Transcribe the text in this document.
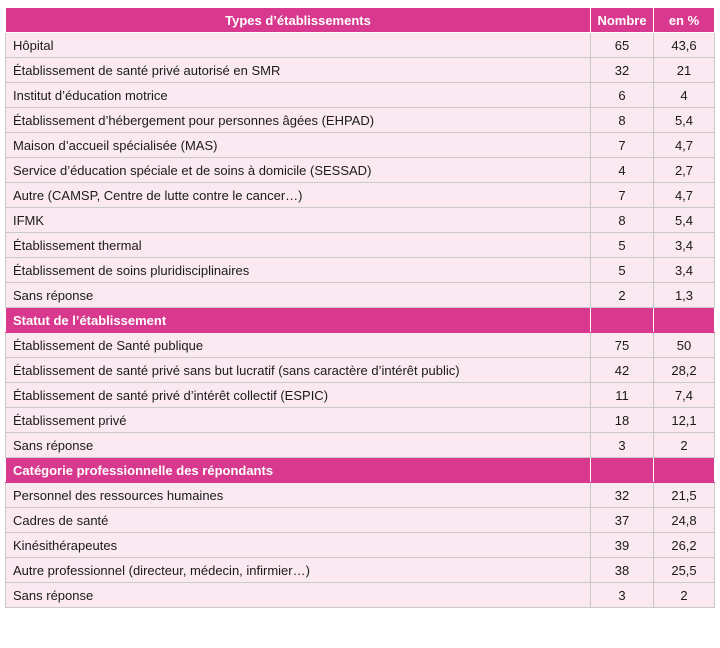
Types d’établissements	Nombre	en %
Hôpital	65	43,6
Établissement de santé privé autorisé en SMR	32	21
Institut d’éducation motrice	6	4
Établissement d’hébergement pour personnes âgées (EHPAD)	8	5,4
Maison d’accueil spécialisée (MAS)	7	4,7
Service d’éducation spéciale et de soins à domicile (SESSAD)	4	2,7
Autre (CAMSP, Centre de lutte contre le cancer…)	7	4,7
IFMK	8	5,4
Établissement thermal	5	3,4
Établissement de soins pluridisciplinaires	5	3,4
Sans réponse	2	1,3
Statut de l’établissement		
Établissement de Santé publique	75	50
Établissement de santé privé sans but lucratif (sans caractère d’intérêt public)	42	28,2
Établissement de santé privé d’intérêt collectif (ESPIC)	11	7,4
Établissement privé	18	12,1
Sans réponse	3	2
Catégorie professionnelle des répondants		
Personnel des ressources humaines	32	21,5
Cadres de santé	37	24,8
Kinésithérapeutes	39	26,2
Autre professionnel (directeur, médecin, infirmier…)	38	25,5
Sans réponse	3	2
